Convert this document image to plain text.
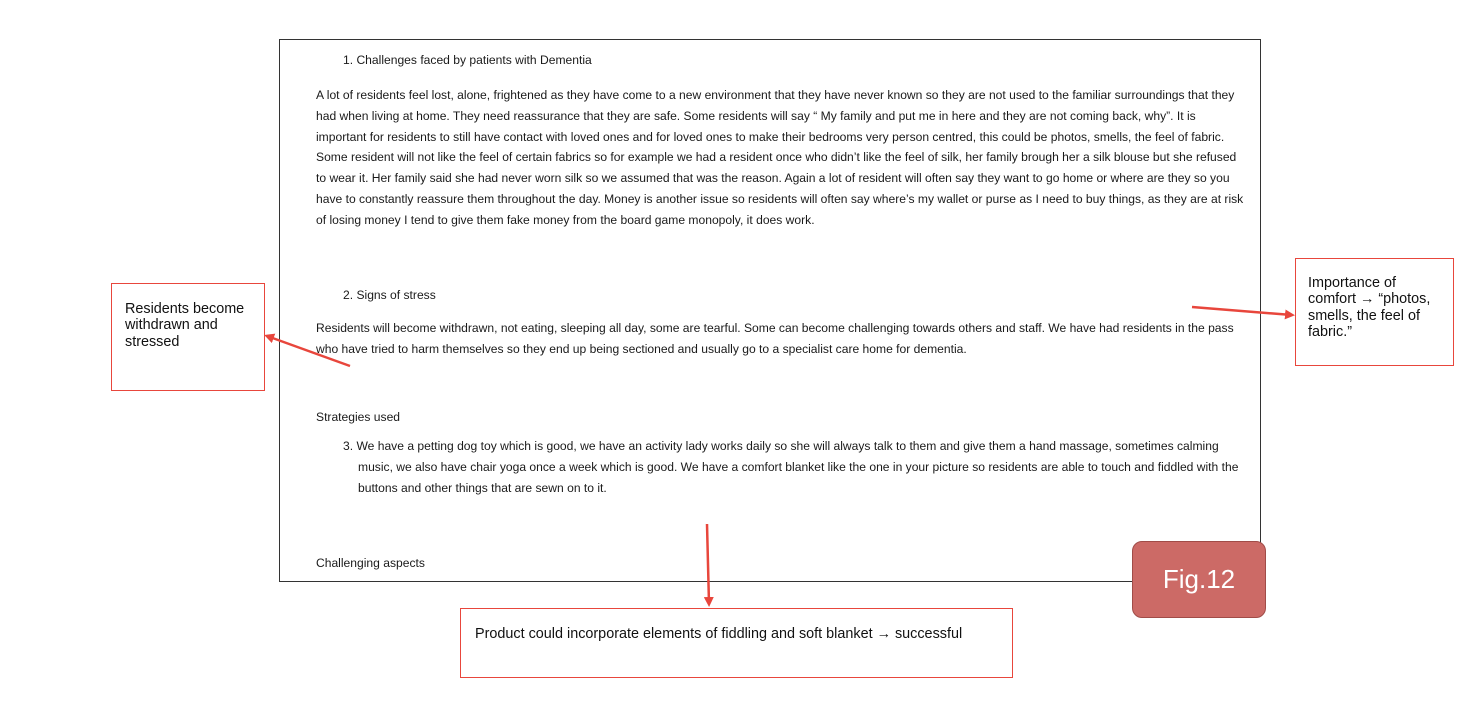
1. Challenges faced by patients with Dementia
A lot of residents feel lost, alone, frightened as they have come to a new environment that they have never known so they are not used to the familiar surroundings that they had when living at home. They need reassurance that they are safe. Some residents will say “ My family and put me in here and they are not coming back, why”. It is important for residents to still have contact with loved ones and for loved ones to make their bedrooms very person centred, this could be photos, smells, the feel of fabric. Some resident will not like the feel of certain fabrics so for example we had a resident once who didn’t like the feel of silk, her family brough her a silk blouse but she refused to wear it. Her family said she had never worn silk so we assumed that was the reason. Again a lot of resident will often say they want to go home or where are they so you have to constantly reassure them throughout the day. Money is another issue so residents will often say where’s my wallet or purse as I need to buy things, as they are at risk of losing money I tend to give them fake money from the board game monopoly, it does work.
2. Signs of stress
Residents will become withdrawn, not eating, sleeping all day, some are tearful. Some can become challenging towards others and staff. We have had residents in the pass who have tried to harm themselves so they end up being sectioned and usually go to a specialist care home for dementia.
Strategies used
3. We have a petting dog toy which is good, we have an activity lady works daily so she will always talk to them and give them a hand massage, sometimes calming music, we also have chair yoga once a week which is good. We have a comfort blanket like the one in your picture so residents are able to touch and fiddled with the buttons and other things that are sewn on to it.
Challenging aspects
Residents become withdrawn and stressed
Importance of comfort → “photos, smells, the feel of fabric.”
Product could incorporate elements of fiddling and soft blanket → successful
Fig.12
